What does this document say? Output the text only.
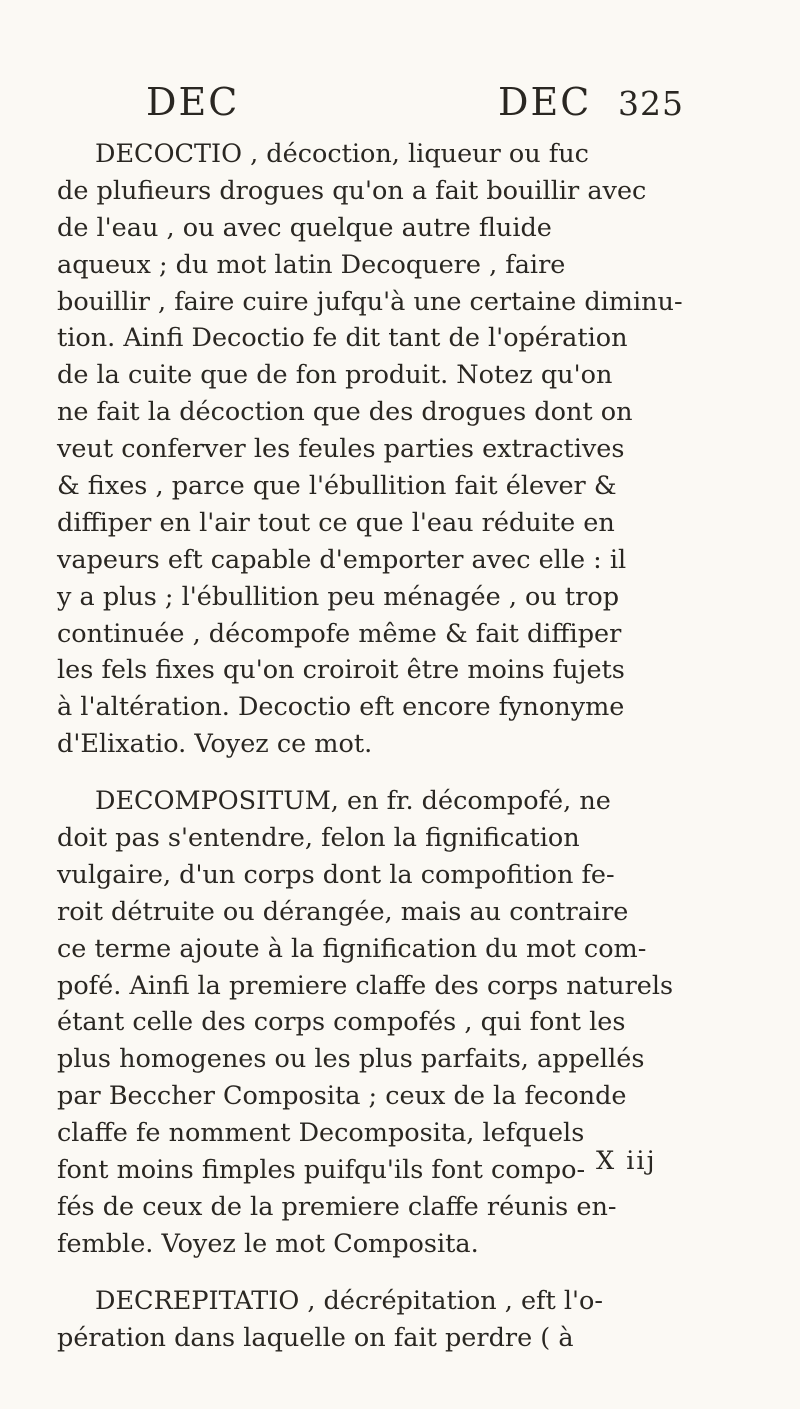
DEC	DEC 325
DECOCTIO , décoction, liqueur ou fuc
de plufieurs drogues qu'on a fait bouillir avec
de l'eau , ou avec quelque autre fluide
aqueux ; du mot latin Decoquere , faire
bouillir , faire cuire jufqu'à une certaine diminu-
tion. Ainfi Decoctio fe dit tant de l'opération
de la cuite que de fon produit. Notez qu'on
ne fait la décoction que des drogues dont on
veut conferver les feules parties extractives
& fixes , parce que l'ébullition fait élever &
diffiper en l'air tout ce que l'eau réduite en
vapeurs eft capable d'emporter avec elle : il
y a plus ; l'ébullition peu ménagée , ou trop
continuée , décompofe même & fait diffiper
les fels fixes qu'on croiroit être moins fujets
à l'altération. Decoctio eft encore fynonyme
d'Elixatio. Voyez ce mot.
DECOMPOSITUM, en fr. décompofé, ne
doit pas s'entendre, felon la fignification
vulgaire, d'un corps dont la compofition fe-
roit détruite ou dérangée, mais au contraire
ce terme ajoute à la fignification du mot com-
pofé. Ainfi la premiere claffe des corps naturels
étant celle des corps compofés , qui font les
plus homogenes ou les plus parfaits, appellés
par Beccher Composita ; ceux de la feconde
claffe fe nomment Decomposita, lefquels
font moins fimples puifqu'ils font compo-
fés de ceux de la premiere claffe réunis en-
femble. Voyez le mot Composita.
DECREPITATIO , décrépitation , eft l'o-
pération dans laquelle on fait perdre ( à
X iij
